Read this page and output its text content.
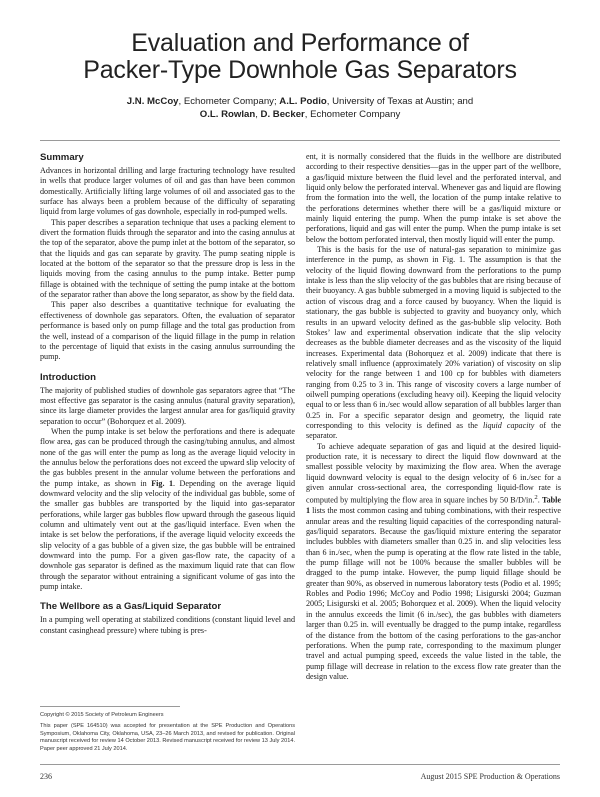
Evaluation and Performance of
Packer-Type Downhole Gas Separators
J.N. McCoy, Echometer Company; A.L. Podio, University of Texas at Austin; and
O.L. Rowlan, D. Becker, Echometer Company
Summary

Advances in horizontal drilling and large fracturing technology have resulted in wells that produce larger volumes of oil and gas than have been common domestically. Artificially lifting large volumes of oil and associated gas to the surface has always been a problem because of the difficulty of separating liquid from large volumes of gas downhole, especially in rod-pumped wells.

This paper describes a separation technique that uses a packing element to divert the formation fluids through the separator and into the casing annulus at the top of the separator, above the pump inlet at the bottom of the separator, so that the liquids and gas can separate by gravity. The pump seating nipple is located at the bottom of the separator so that the pressure drop is less in the liquids moving from the casing annulus to the pump intake. Better pump fillage is obtained with the technique of setting the pump intake at the bottom of the separator rather than above the long separator, as show by the field data.

This paper also describes a quantitative technique for evaluating the effectiveness of downhole gas separators. Often, the evaluation of separator performance is based only on pump fillage and the total gas production from the well, instead of a comparison of the liquid fillage in the pump in relation to the percentage of liquid that exists in the casing annulus surrounding the pump.

Introduction

The majority of published studies of downhole gas separators agree that “The most effective gas separator is the casing annulus (natural gravity separation), since its large diameter provides the largest annular area for gas/liquid gravity separation to occur” (Bohorquez et al. 2009).

When the pump intake is set below the perforations and there is adequate flow area, gas can be produced through the casing/tubing annulus, and almost none of the gas will enter the pump as long as the average liquid velocity in the annulus below the perforations does not exceed the upward slip velocity of the gas bubbles present in the annular volume between the perforations and the pump intake, as shown in Fig. 1. Depending on the average liquid downward velocity and the slip velocity of the individual gas bubble, some of the smaller gas bubbles are transported by the liquid into gas-separator perforations, while larger gas bubbles flow upward through the gaseous liquid column and ultimately vent out at the gas/liquid interface. Even when the intake is set below the perforations, if the average liquid velocity exceeds the slip velocity of a gas bubble of a given size, the gas bubble will be entrained downward into the pump. For a given gas-flow rate, the capacity of a downhole gas separator is defined as the maximum liquid rate that can flow through the separator without entraining a significant volume of gas into the pump intake.

The Wellbore as a Gas/Liquid Separator

In a pumping well operating at stabilized conditions (constant liquid level and constant casinghead pressure) where tubing is pres-

ent, it is normally considered that the fluids in the wellbore are distributed according to their respective densities—gas in the upper part of the wellbore, a gas/liquid mixture between the fluid level and the perforated interval, and liquid only below the perforated interval. Whenever gas and liquid are flowing from the formation into the well, the location of the pump intake relative to the perforations determines whether there will be a gas/liquid mixture or mainly liquid entering the pump. When the pump intake is set above the perforations, liquid and gas will enter the pump. When the pump intake is set below the bottom perforated interval, then mostly liquid will enter the pump.

This is the basis for the use of natural-gas separation to minimize gas interference in the pump, as shown in Fig. 1. The assumption is that the velocity of the liquid flowing downward from the perforations to the pump intake is less than the slip velocity of the gas bubbles that are rising because of their buoyancy. A gas bubble submerged in a moving liquid is subjected to the action of viscous drag and a force caused by buoyancy. When the liquid is stationary, the gas bubble is subjected to gravity and buoyancy only, which results in an upward velocity defined as the gas-bubble slip velocity. Both Stokes’ law and experimental observation indicate that the slip velocity decreases as the bubble diameter decreases and as the viscosity of the liquid increases. Experimental data (Bohorquez et al. 2009) indicate that there is relatively small influence (approximately 20% variation) of viscosity on slip velocity for the range between 1 and 100 cp for bubbles with diameters ranging from 0.25 to 3 in. This range of viscosity covers a large number of oilwell pumping operations (excluding heavy oil). Keeping the liquid velocity equal to or less than 6 in./sec would allow separation of all bubbles larger than 0.25 in. For a specific separator design and geometry, the liquid rate corresponding to this velocity is defined as the liquid capacity of the separator.

To achieve adequate separation of gas and liquid at the desired liquid-production rate, it is necessary to direct the liquid flow downward at the smallest possible velocity by maximizing the flow area. When the average liquid downward velocity is equal to the design velocity of 6 in./sec for a given annular cross-sectional area, the corresponding liquid-flow rate is computed by multiplying the flow area in square inches by 50 B/D/in.$^2$. Table 1 lists the most common casing and tubing combinations, with their respective annular areas and the resulting liquid capacities of the corresponding natural-gas/liquid separators. Because the gas/liquid mixture entering the separator includes bubbles with diameters smaller than 0.25 in. and slip velocities less than 6 in./sec, when the pump is operating at the flow rate listed in the table, the pump fillage will not be 100% because the smaller bubbles will be dragged to the pump intake. However, the pump liquid fillage should be greater than 90%, as observed in numerous laboratory tests (Podio et al. 1995; Robles and Podio 1996; McCoy and Podio 1998; Lisigurski 2004; Guzman 2005; Lisigurski et al. 2005; Bohorquez et al. 2009). When the liquid velocity in the annulus exceeds the limit (6 in./sec), the gas bubbles with diameters larger than 0.25 in. will eventually be dragged to the pump intake, regardless of the distance from the bottom of the casing perforations to the gas-anchor perforations. When the pump rate, corresponding to the maximum plunger travel and actual pumping speed, exceeds the value listed in the table, the pump fillage will decrease in relation to the excess flow rate greater than the design value.

Copyright © 2015 Society of Petroleum Engineers
This paper (SPE 164510) was accepted for presentation at the SPE Production and Operations Symposium, Oklahoma City, Oklahoma, USA, 23–26 March 2013, and revised for publication. Original manuscript received for review 14 October 2013. Revised manuscript received for review 13 July 2014. Paper peer approved 21 July 2014.
236	August 2015 SPE Production & Operations
